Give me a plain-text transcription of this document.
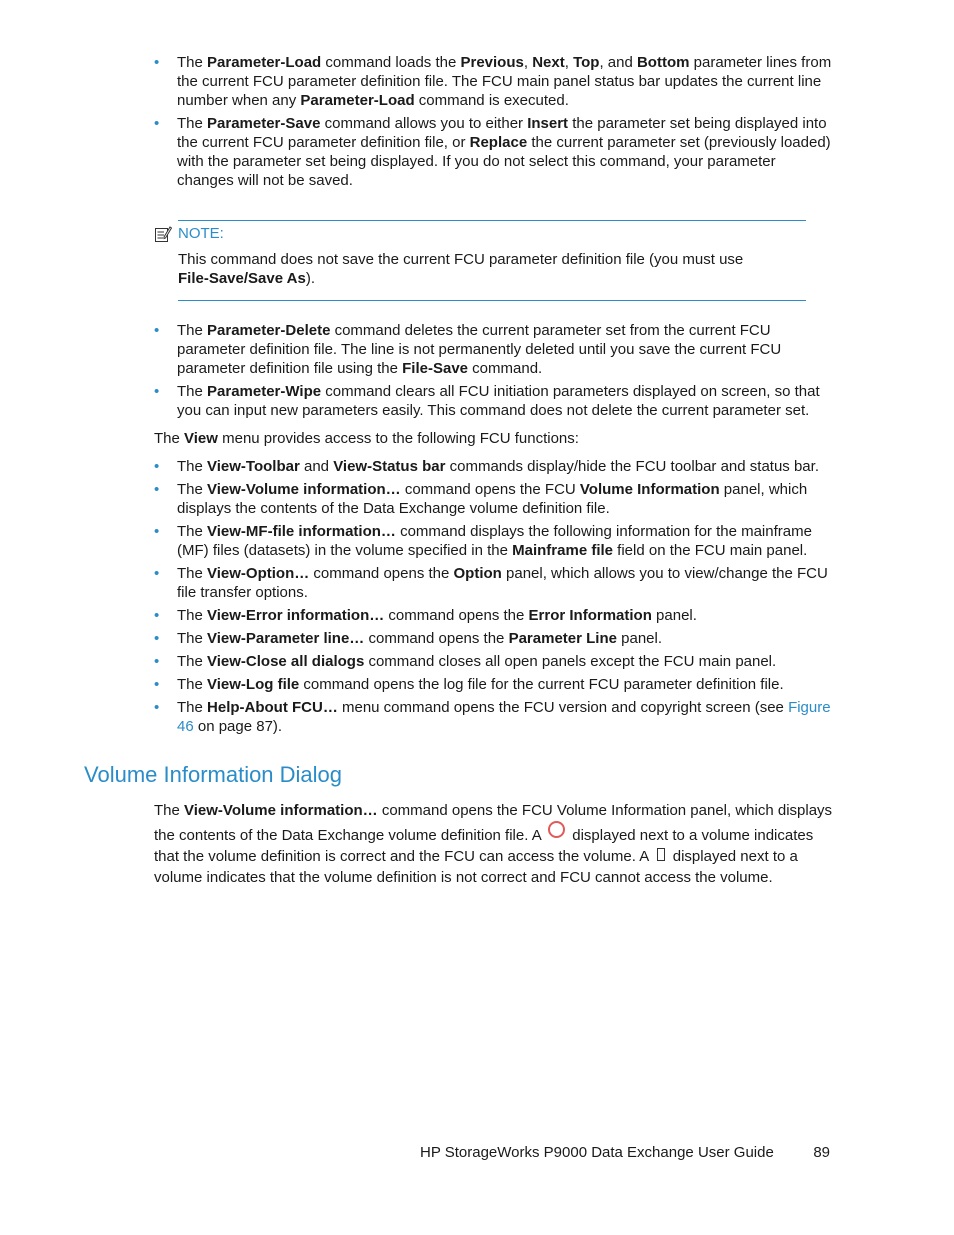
• The Parameter-Load command loads the Previous, Next, Top, and Bottom parameter lines from the current FCU parameter definition file. The FCU main panel status bar updates the current line number when any Parameter-Load command is executed.
• The Parameter-Save command allows you to either Insert the parameter set being displayed into the current FCU parameter definition file, or Replace the current parameter set (previously loaded) with the parameter set being displayed. If you do not select this command, your parameter changes will not be saved.
NOTE:
This command does not save the current FCU parameter definition file (you must use
File-Save/Save As).
• The Parameter-Delete command deletes the current parameter set from the current FCU parameter definition file. The line is not permanently deleted until you save the current FCU parameter definition file using the File-Save command.
• The Parameter-Wipe command clears all FCU initiation parameters displayed on screen, so that you can input new parameters easily. This command does not delete the current parameter set.
The View menu provides access to the following FCU functions:
• The View-Toolbar and View-Status bar commands display/hide the FCU toolbar and status bar.
• The View-Volume information… command opens the FCU Volume Information panel, which displays the contents of the Data Exchange volume definition file.
• The View-MF-file information… command displays the following information for the mainframe (MF) files (datasets) in the volume specified in the Mainframe file field on the FCU main panel.
• The View-Option… command opens the Option panel, which allows you to view/change the FCU file transfer options.
• The View-Error information… command opens the Error Information panel.
• The View-Parameter line… command opens the Parameter Line panel.
• The View-Close all dialogs command closes all open panels except the FCU main panel.
• The View-Log file command opens the log file for the current FCU parameter definition file.
• The Help-About FCU… menu command opens the FCU version and copyright screen (see Figure 46 on page 87).
Volume Information Dialog
The View-Volume information… command opens the FCU Volume Information panel, which displays the contents of the Data Exchange volume definition file. A  displayed next to a volume indicates that the volume definition is correct and the FCU can access the volume. A  displayed next to a volume indicates that the volume definition is not correct and FCU cannot access the volume.
HP StorageWorks P9000 Data Exchange User Guide	89
